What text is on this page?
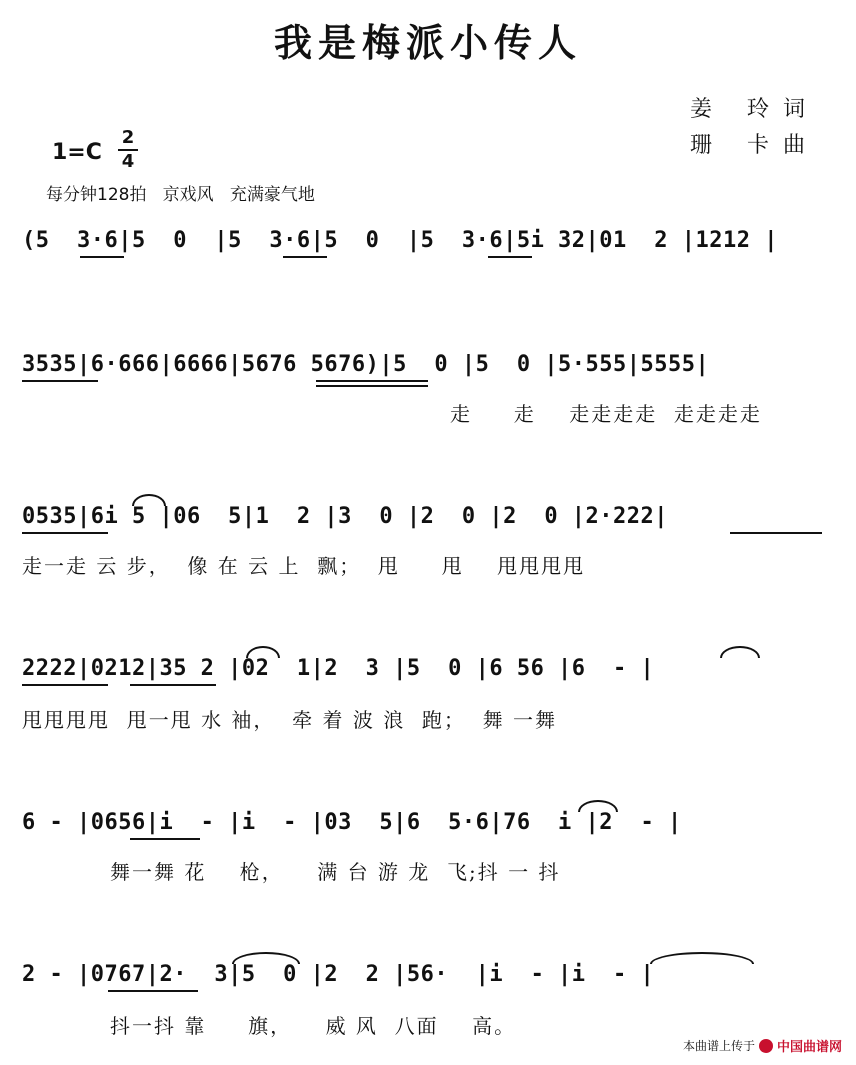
我是梅派小传人
姜 玲词
珊 卡曲
1=C
2
4
每分钟128拍   京戏风   充满豪气地
(5  3·6|5  0  |5  3·6|5  0  |5  3·6|5i 32|01  2 |1212 |
3535|6·666|6666|5676 5676)|5  0 |5  0 |5·555|5555|
走     走    走走走走  走走走走
0535|6i 5 |06  5|1  2 |3  0 |2  0 |2  0 |2·222|
走一走 云 步，  像 在 云 上  飘；  甩     甩    甩甩甩甩
2222|0212|35 2 |02  1|2  3 |5  0 |6 56 |6  - |
甩甩甩甩  甩一甩 水 袖，  牵 着 波 浪  跑；  舞 一舞
6 - |0656|i  - |i  - |03  5|6  5·6|76  i |2  - |
舞一舞 花    枪，    满 台 游 龙  飞;抖 一 抖
2 - |0767|2·  3|5  0 |2  2 |56·  |i  - |i  - |
抖一抖 靠     旗，    威 风  八面    高。
本曲谱上传于 中国曲谱网
